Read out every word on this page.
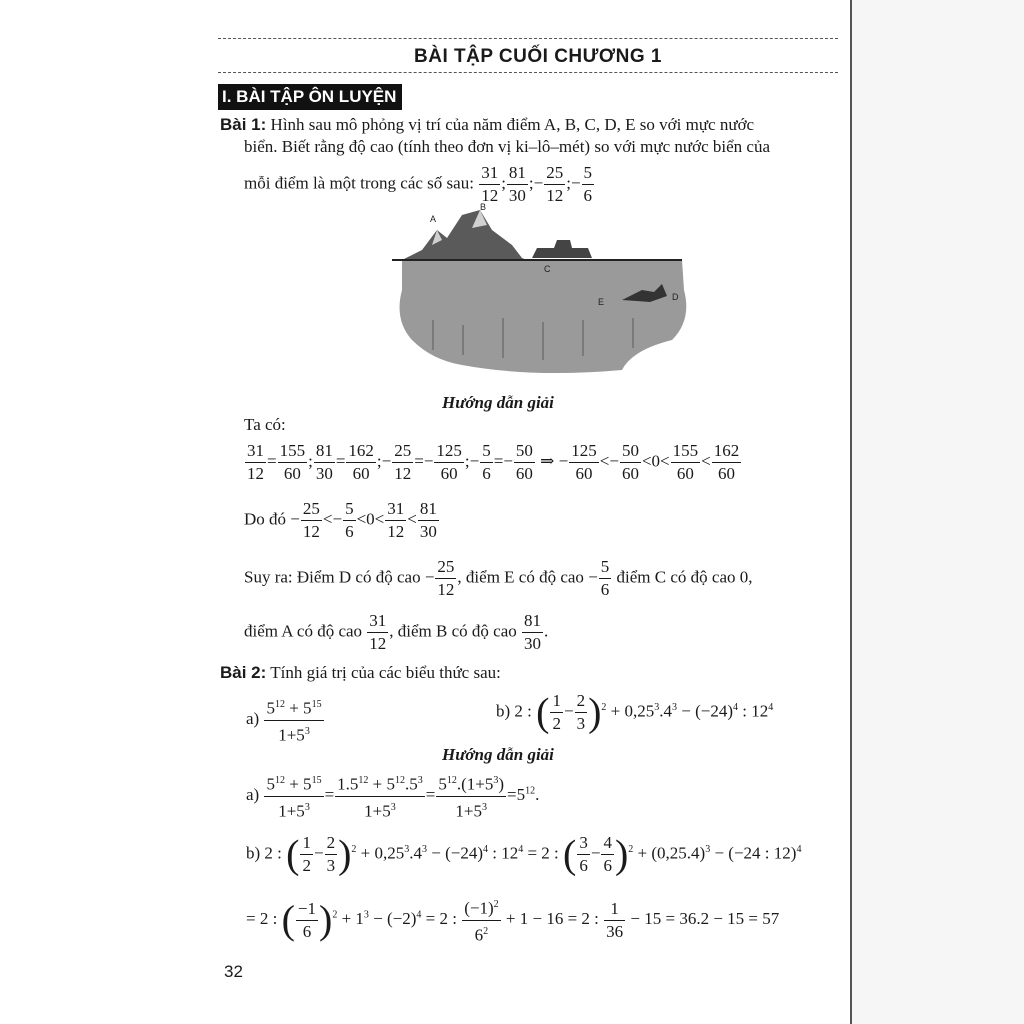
BÀI TẬP CUỐI CHƯƠNG 1
I. BÀI TẬP ÔN LUYỆN
Bài 1: Hình sau mô phỏng vị trí của năm điểm A, B, C, D, E so với mực nước
biển. Biết rằng độ cao (tính theo đơn vị ki–lô–mét) so với mực nước biển của
mỗi điểm là một trong các số sau: $\frac{31}{12}$ ; $\frac{81}{30}$ ;− $\frac{25}{12}$ ;− $\frac{5}{6}$
A
B
C
E	D
Hướng dẫn giải
Ta có:
$\frac{31}{12} = \frac{155}{60}$ ; $\frac{81}{30} = \frac{162}{60}$ ;− $\frac{25}{12} =- \frac{125}{60}$ ;− $\frac{5}{6} =- \frac{50}{60}$ ⇒ − $\frac{125}{60} <- \frac{50}{60} <0< \frac{155}{60} < \frac{162}{60}$
Do đó − $\frac{25}{12} <- \frac{5}{6} <0< \frac{31}{12} < \frac{81}{30}$
Suy ra: Điểm D có độ cao − $\frac{25}{12}$ , điểm E có độ cao − $\frac{5}{6}$ điểm C có độ cao 0,
điểm A có độ cao $\frac{31}{12}$ , điểm B có độ cao $\frac{81}{30}$ .
Bài 2: Tính giá trị của các biểu thức sau:
$a) \frac{5^{12} + 5^{15}}{1+5^3}$	b) 2 : ( $\frac{1}{2} - \frac{2}{3} )^2 + 0,25^3.4^3 - (-24)^4$ : $12^4$
Hướng dẫn giải
$a) \frac{5^{12} + 5^{15}}{1+5^3} = \frac{1.5^{12} + 5^{12}.5^3}{1+5^3} = \frac{5^{12}.(1+5^3)}{1+5^3} =5^{12}$.
b) 2 : ( $\frac{1}{2} - \frac{2}{3} )^2 + 0,25^3.4^3 - (-24)^4$ : $12^4 = 2$ : ( $\frac{3}{6} - \frac{4}{6} )^2 + (0,25.4)^3 - (-24$ : 12)$^4$
= 2 : ( $\frac{-1}{6} )^2 + 1^3 - (-2)^4 = 2$ : $\frac{(-1)^2}{6^2} + 1 - 16 = 2$ : $\frac{1}{36} - 15 = 36.2 - 15 = 57$
32
